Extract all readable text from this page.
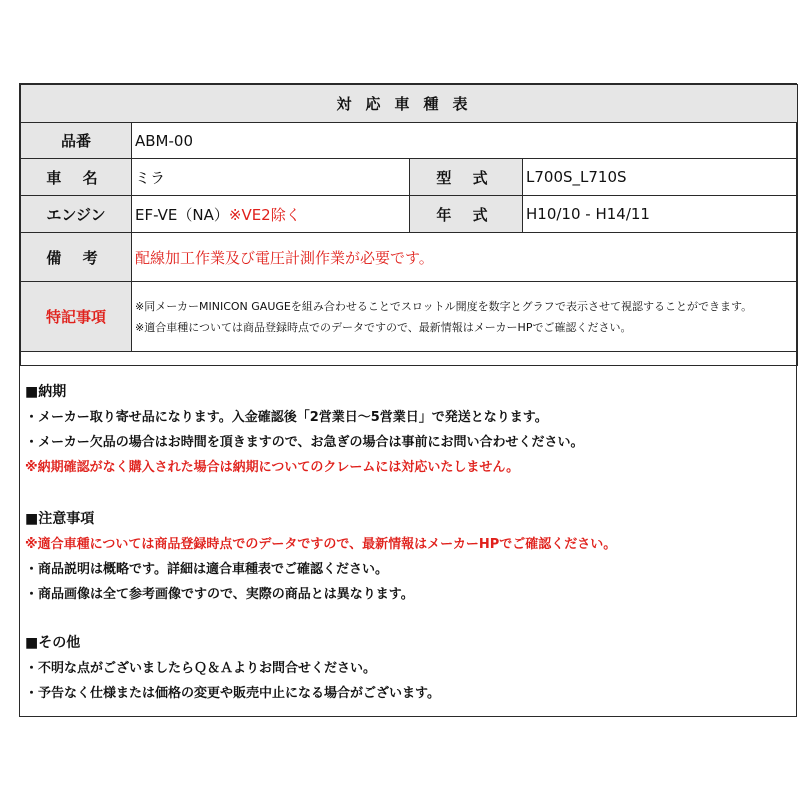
対応車種表			
品番	ABM-00		
車 名	ミラ	型 式	L700S_L710S
エンジン	EF-VE（NA）※VE2除く	年 式	H10/10 - H14/11
備 考	配線加工作業及び電圧計測作業が必要です。		
特記事項	※同メーカーMINICON GAUGEを組み合わせることでスロットル開度を数字とグラフで表示させて視認することができます。
※適合車種については商品登録時点でのデータですので、最新情報はメーカーHPでご確認ください。		

■納期
・メーカー取り寄せ品になります。入金確認後「2営業日～5営業日」で発送となります。
・メーカー欠品の場合はお時間を頂きますので、お急ぎの場合は事前にお問い合わせください。
※納期確認がなく購入された場合は納期についてのクレームには対応いたしません。
■注意事項
※適合車種については商品登録時点でのデータですので、最新情報はメーカーHPでご確認ください。
・商品説明は概略です。詳細は適合車種表でご確認ください。
・商品画像は全て参考画像ですので、実際の商品とは異なります。
■その他
・不明な点がございましたらＱ＆Ａよりお問合せください。
・予告なく仕様または価格の変更や販売中止になる場合がございます。
